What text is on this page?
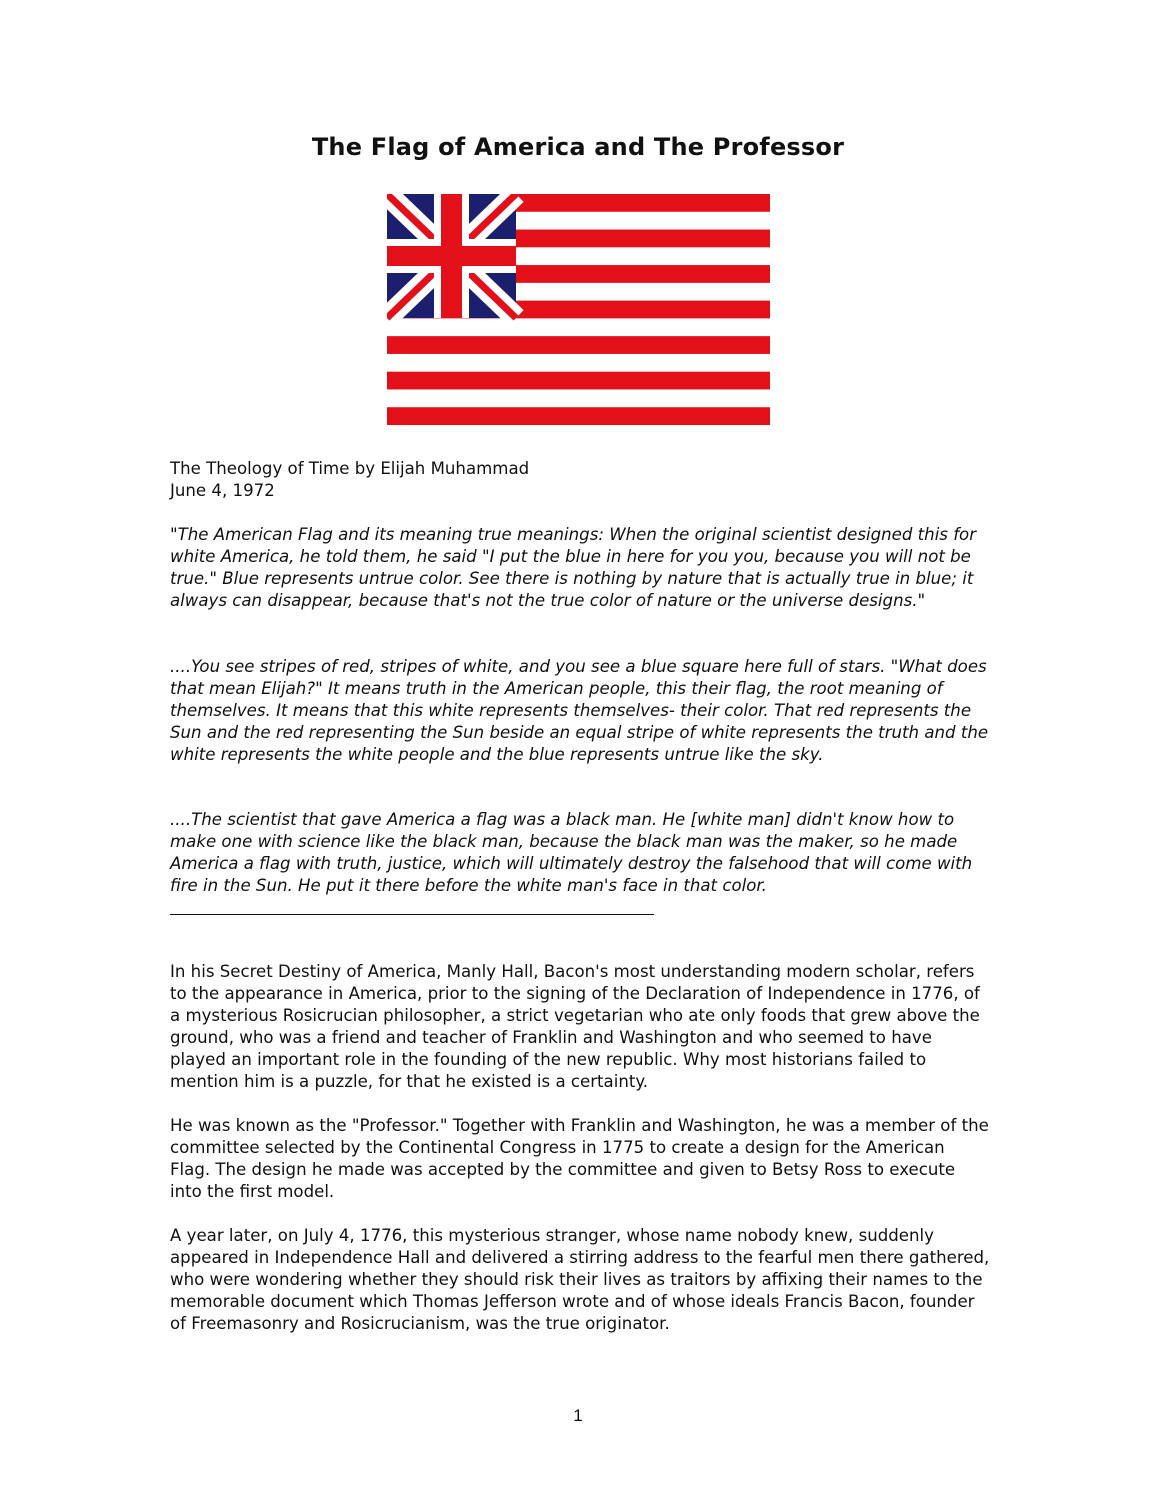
The Flag of America and The Professor

The Theology of Time by Elijah Muhammad
June 4, 1972

"The American Flag and its meaning true meanings: When the original scientist designed this for white America, he told them, he said "I put the blue in here for you you, because you will not be true." Blue represents untrue color. See there is nothing by nature that is actually true in blue; it always can disappear, because that's not the true color of nature or the universe designs."

....You see stripes of red, stripes of white, and you see a blue square here full of stars. "What does that mean Elijah?" It means truth in the American people, this their flag, the root meaning of themselves. It means that this white represents themselves- their color. That red represents the Sun and the red representing the Sun beside an equal stripe of white represents the truth and the white represents the white people and the blue represents untrue like the sky.

....The scientist that gave America a flag was a black man. He [white man] didn't know how to make one with science like the black man, because the black man was the maker, so he made America a flag with truth, justice, which will ultimately destroy the falsehood that will come with fire in the Sun. He put it there before the white man's face in that color.

In his Secret Destiny of America, Manly Hall, Bacon's most understanding modern scholar, refers to the appearance in America, prior to the signing of the Declaration of Independence in 1776, of a mysterious Rosicrucian philosopher, a strict vegetarian who ate only foods that grew above the ground, who was a friend and teacher of Franklin and Washington and who seemed to have played an important role in the founding of the new republic. Why most historians failed to mention him is a puzzle, for that he existed is a certainty.

He was known as the "Professor." Together with Franklin and Washington, he was a member of the committee selected by the Continental Congress in 1775 to create a design for the American Flag. The design he made was accepted by the committee and given to Betsy Ross to execute into the first model.

A year later, on July 4, 1776, this mysterious stranger, whose name nobody knew, suddenly appeared in Independence Hall and delivered a stirring address to the fearful men there gathered, who were wondering whether they should risk their lives as traitors by affixing their names to the memorable document which Thomas Jefferson wrote and of whose ideals Francis Bacon, founder of Freemasonry and Rosicrucianism, was the true originator.

1
